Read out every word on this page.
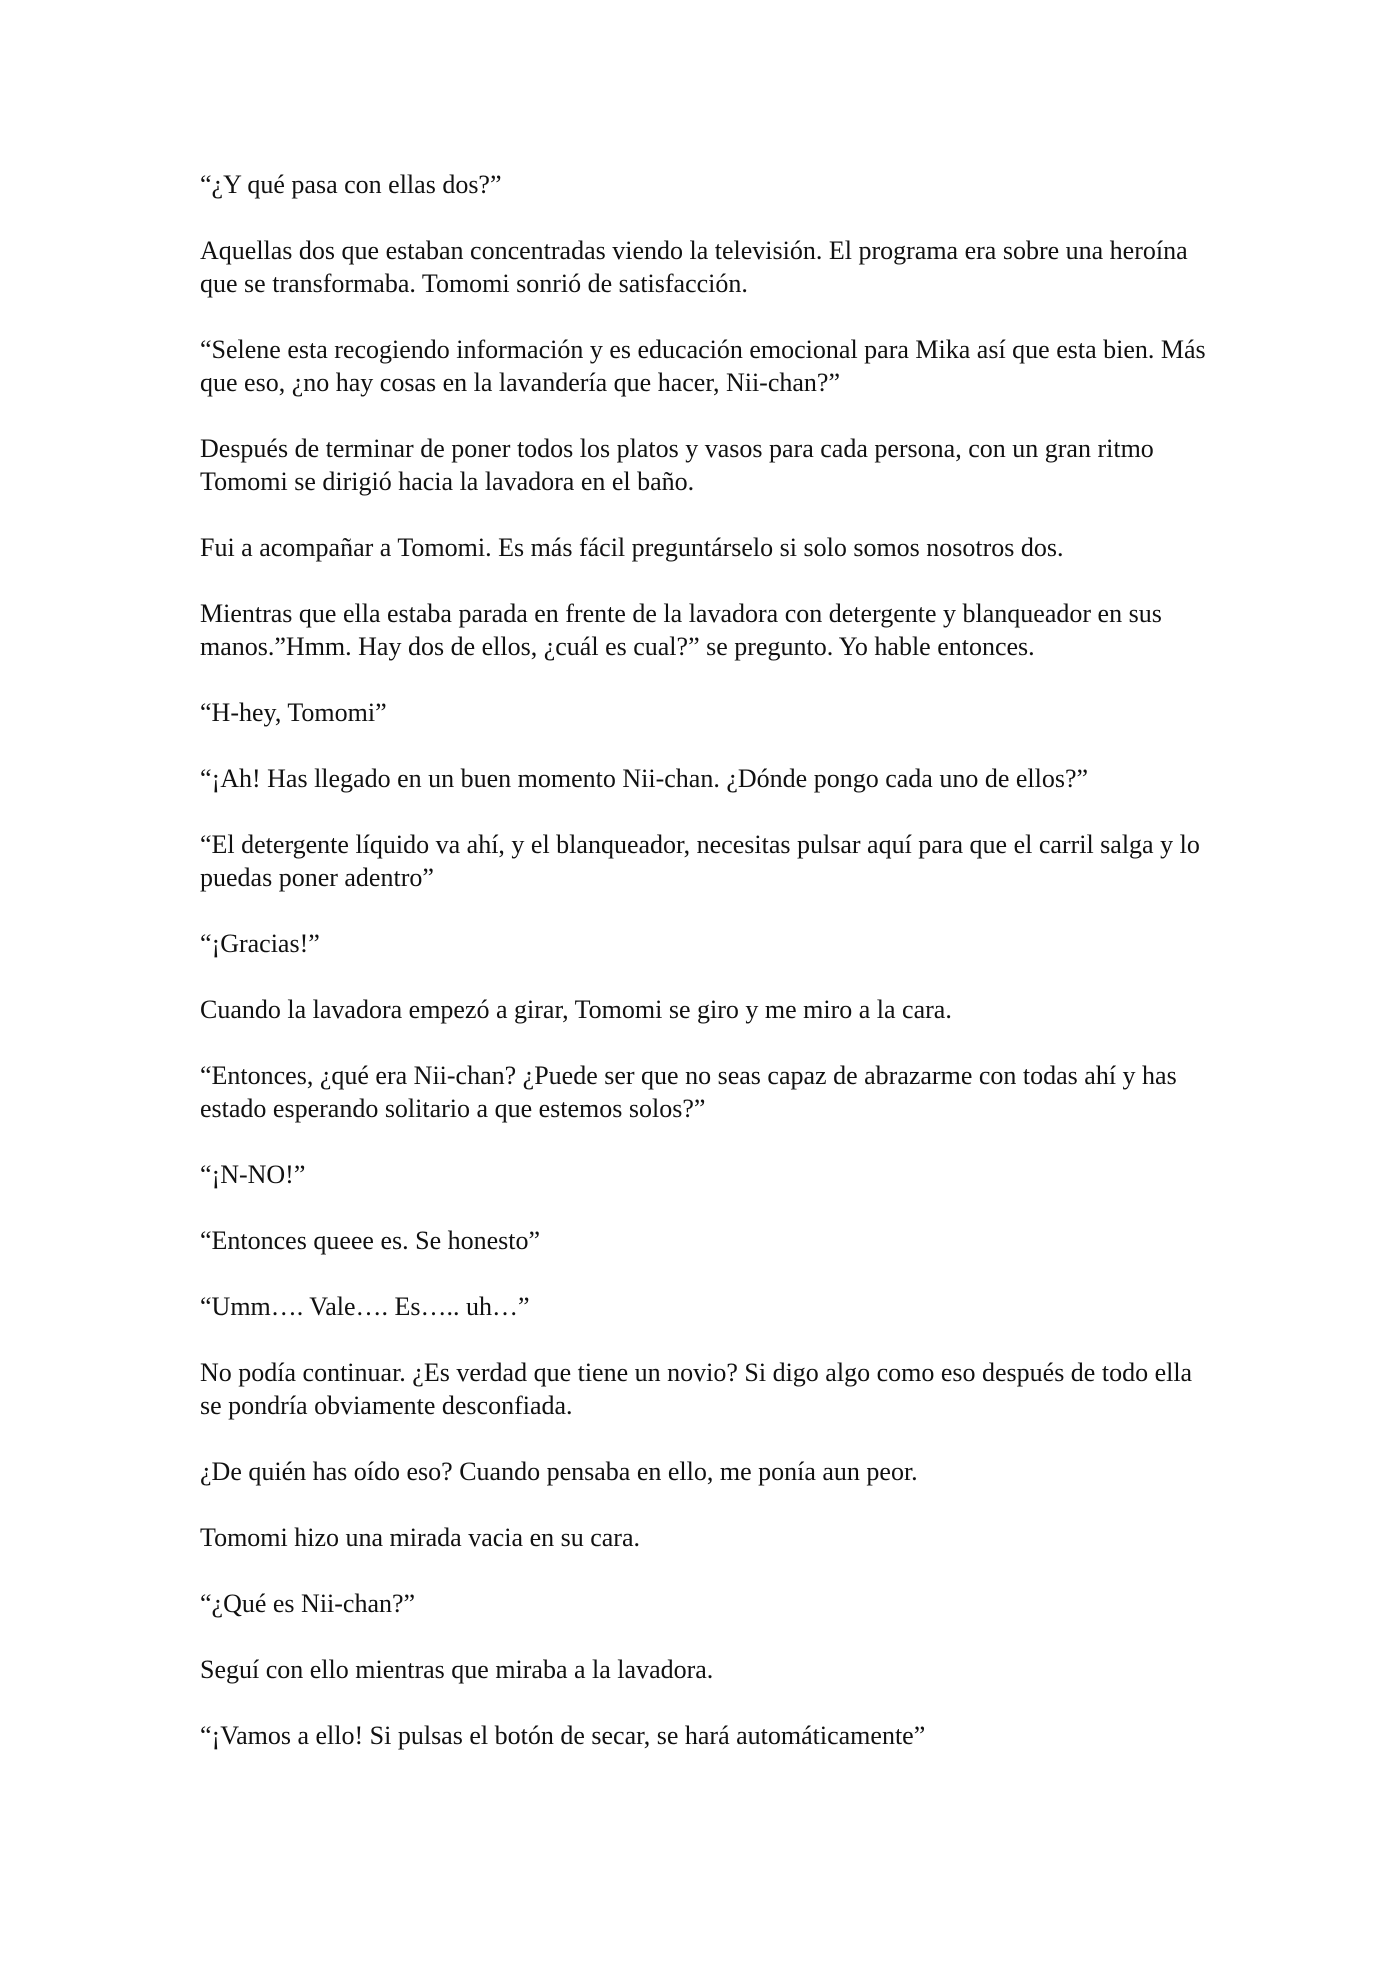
“¿Y qué pasa con ellas dos?”

Aquellas dos que estaban concentradas viendo la televisión. El programa era sobre una heroína que se transformaba. Tomomi sonrió de satisfacción.

“Selene esta recogiendo información y es educación emocional para Mika así que esta bien. Más que eso, ¿no hay cosas en la lavandería que hacer, Nii-chan?”

Después de terminar de poner todos los platos y vasos para cada persona, con un gran ritmo Tomomi se dirigió hacia la lavadora en el baño.

Fui a acompañar a Tomomi. Es más fácil preguntárselo si solo somos nosotros dos.

Mientras que ella estaba parada en frente de la lavadora con detergente y blanqueador en sus manos.”Hmm. Hay dos de ellos, ¿cuál es cual?” se pregunto. Yo hable entonces.

“H-hey, Tomomi”

“¡Ah! Has llegado en un buen momento Nii-chan. ¿Dónde pongo cada uno de ellos?”

“El detergente líquido va ahí, y el blanqueador, necesitas pulsar aquí para que el carril salga y lo puedas poner adentro”

“¡Gracias!”

Cuando la lavadora empezó a girar, Tomomi se giro y me miro a la cara.

“Entonces, ¿qué era Nii-chan? ¿Puede ser que no seas capaz de abrazarme con todas ahí y has estado esperando solitario a que estemos solos?”

“¡N-NO!”

“Entonces queee es. Se honesto”

“Umm…. Vale…. Es….. uh…”

No podía continuar. ¿Es verdad que tiene un novio? Si digo algo como eso después de todo ella se pondría obviamente desconfiada.

¿De quién has oído eso? Cuando pensaba en ello, me ponía aun peor.

Tomomi hizo una mirada vacia en su cara.

“¿Qué es Nii-chan?”

Seguí con ello mientras que miraba a la lavadora.

“¡Vamos a ello! Si pulsas el botón de secar, se hará automáticamente”
